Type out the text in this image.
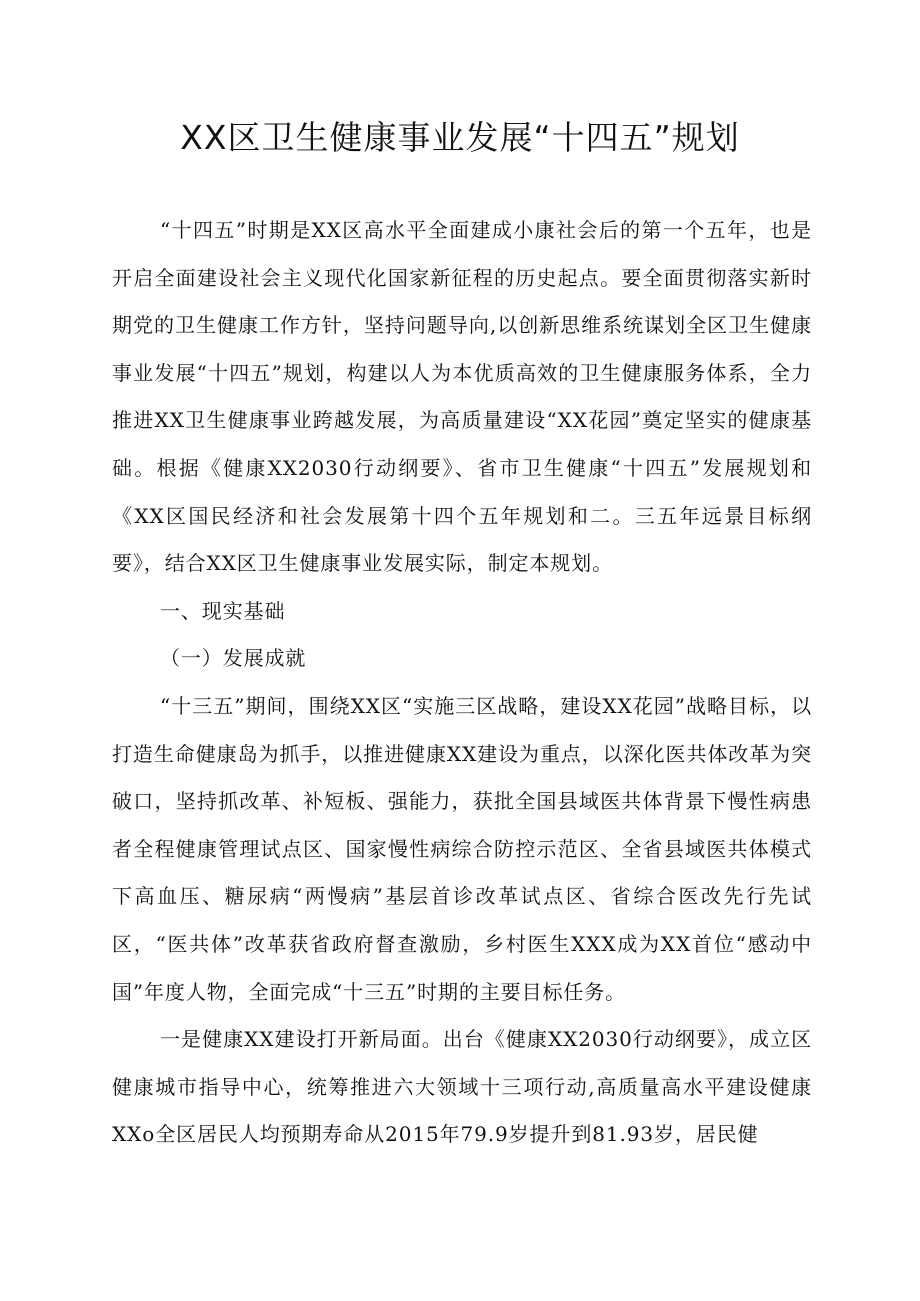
XX区卫生健康事业发展“十四五”规划

“十四五”时期是XX区高水平全面建成小康社会后的第一个五年，也是开启全面建设社会主义现代化国家新征程的历史起点。要全面贯彻落实新时期党的卫生健康工作方针，坚持问题导向,以创新思维系统谋划全区卫生健康事业发展“十四五”规划，构建以人为本优质高效的卫生健康服务体系，全力推进XX卫生健康事业跨越发展，为高质量建设“XX花园”奠定坚实的健康基础。根据《健康XX2030行动纲要》、省市卫生健康“十四五”发展规划和《XX区国民经济和社会发展第十四个五年规划和二。三五年远景目标纲要》，结合XX区卫生健康事业发展实际，制定本规划。

一、现实基础

（一）发展成就

“十三五”期间，围绕XX区“实施三区战略，建设XX花园”战略目标，以打造生命健康岛为抓手，以推进健康XX建设为重点，以深化医共体改革为突破口，坚持抓改革、补短板、强能力，获批全国县域医共体背景下慢性病患者全程健康管理试点区、国家慢性病综合防控示范区、全省县域医共体模式下高血压、糖尿病“两慢病”基层首诊改革试点区、省综合医改先行先试区，“医共体”改革获省政府督查激励，乡村医生XXX成为XX首位“感动中国”年度人物，全面完成“十三五”时期的主要目标任务。

一是健康XX建设打开新局面。出台《健康XX2030行动纲要》，成立区健康城市指导中心，统筹推进六大领域十三项行动,高质量高水平建设健康XXo全区居民人均预期寿命从2015年79.9岁提升到81.93岁，居民健
